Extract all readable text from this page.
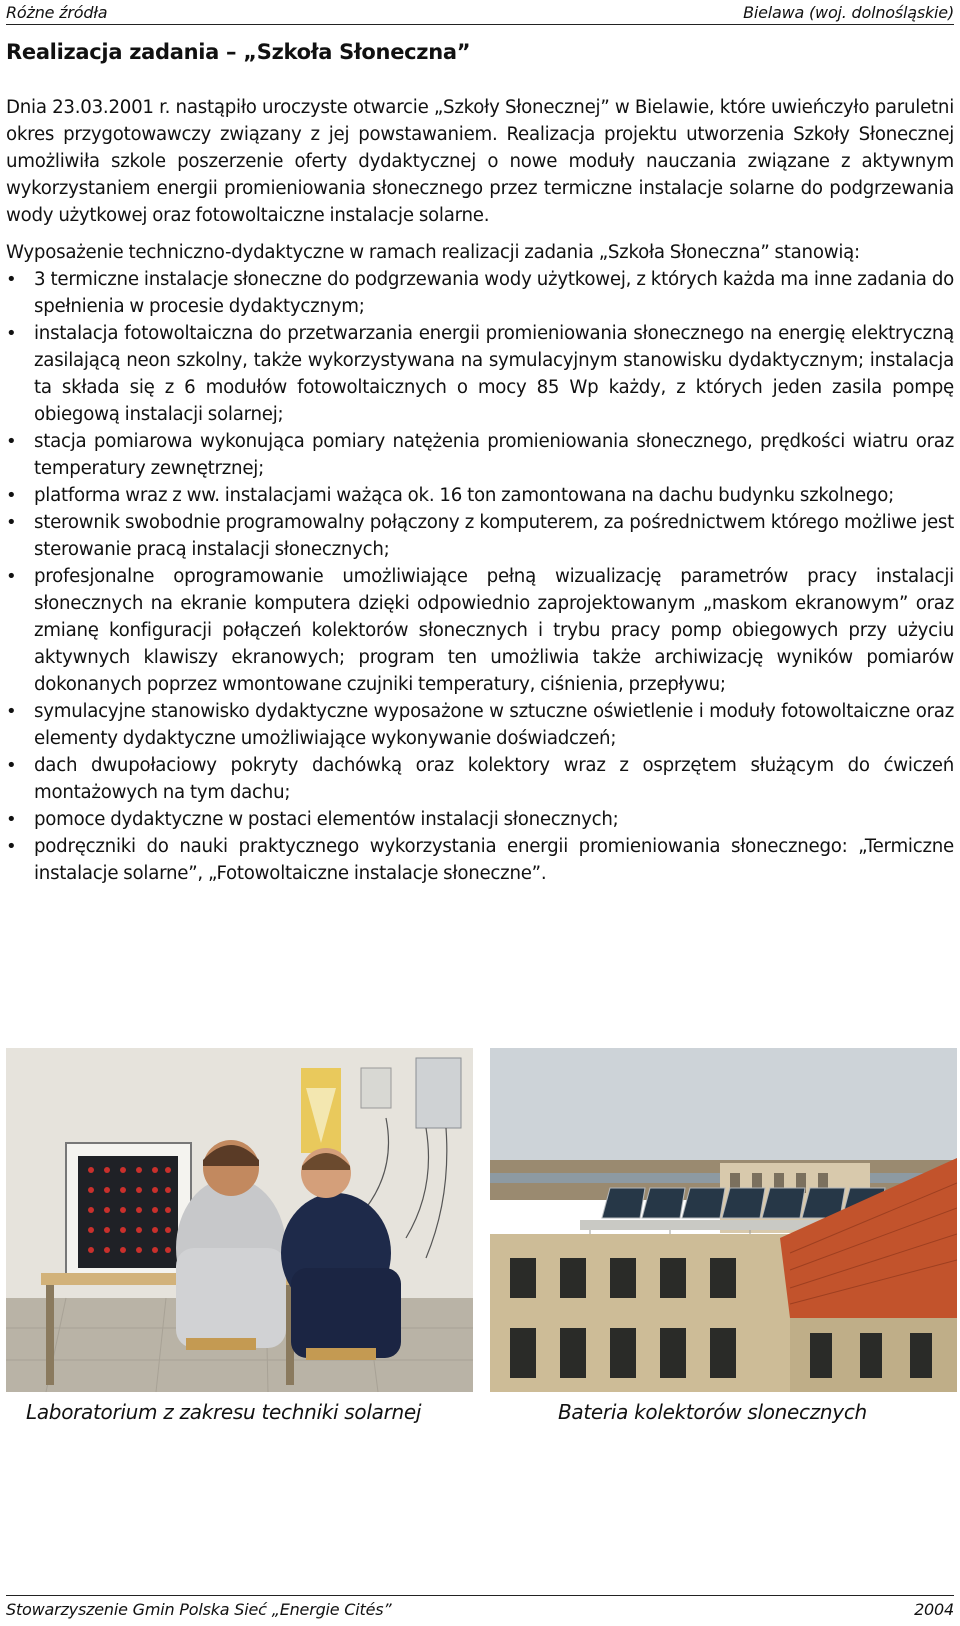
Różne źródła	Bielawa (woj. dolnośląskie)
Realizacja zadania – „Szkoła Słoneczna”

Dnia 23.03.2001 r. nastąpiło uroczyste otwarcie „Szkoły Słonecznej” w Bielawie, które uwieńczyło paruletni okres przygotowawczy związany z jej powstawaniem. Realizacja projektu utworzenia Szkoły Słonecznej umożliwiła szkole poszerzenie oferty dydaktycznej o nowe moduły nauczania związane z aktywnym wykorzystaniem energii promieniowania słonecznego przez termiczne instalacje solarne do podgrzewania wody użytkowej oraz fotowoltaiczne instalacje solarne.

Wyposażenie techniczno-dydaktyczne w ramach realizacji zadania „Szkoła Słoneczna” stanowią:

• 3 termiczne instalacje słoneczne do podgrzewania wody użytkowej, z których każda ma inne zadania do spełnienia w procesie dydaktycznym;
• instalacja fotowoltaiczna do przetwarzania energii promieniowania słonecznego na energię elektryczną zasilającą neon szkolny, także wykorzystywana na symulacyjnym stanowisku dydaktycznym; instalacja ta składa się z 6 modułów fotowoltaicznych o mocy 85 Wp każdy, z których jeden zasila pompę obiegową instalacji solarnej;
• stacja pomiarowa wykonująca pomiary natężenia promieniowania słonecznego, prędkości wiatru oraz temperatury zewnętrznej;
• platforma wraz z ww. instalacjami ważąca ok. 16 ton zamontowana na dachu budynku szkolnego;
• sterownik swobodnie programowalny połączony z komputerem, za pośrednictwem którego możliwe jest sterowanie pracą instalacji słonecznych;
• profesjonalne oprogramowanie umożliwiające pełną wizualizację parametrów pracy instalacji słonecznych na ekranie komputera dzięki odpowiednio zaprojektowanym „maskom ekranowym” oraz zmianę konfiguracji połączeń kolektorów słonecznych i trybu pracy pomp obiegowych przy użyciu aktywnych klawiszy ekranowych; program ten umożliwia także archiwizację wyników pomiarów dokonanych poprzez wmontowane czujniki temperatury, ciśnienia, przepływu;
• symulacyjne stanowisko dydaktyczne wyposażone w sztuczne oświetlenie i moduły fotowoltaiczne oraz elementy dydaktyczne umożliwiające wykonywanie doświadczeń;
• dach dwupołaciowy pokryty dachówką oraz kolektory wraz z osprzętem służącym do ćwiczeń montażowych na tym dachu;
• pomoce dydaktyczne w postaci elementów instalacji słonecznych;
• podręczniki do nauki praktycznego wykorzystania energii promieniowania słonecznego: „Termiczne instalacje solarne”, „Fotowoltaiczne instalacje słoneczne”.
Laboratorium z zakresu techniki solarnej	Bateria kolektorów slonecznych
Stowarzyszenie Gmin Polska Sieć „Energie Cités”	2004
